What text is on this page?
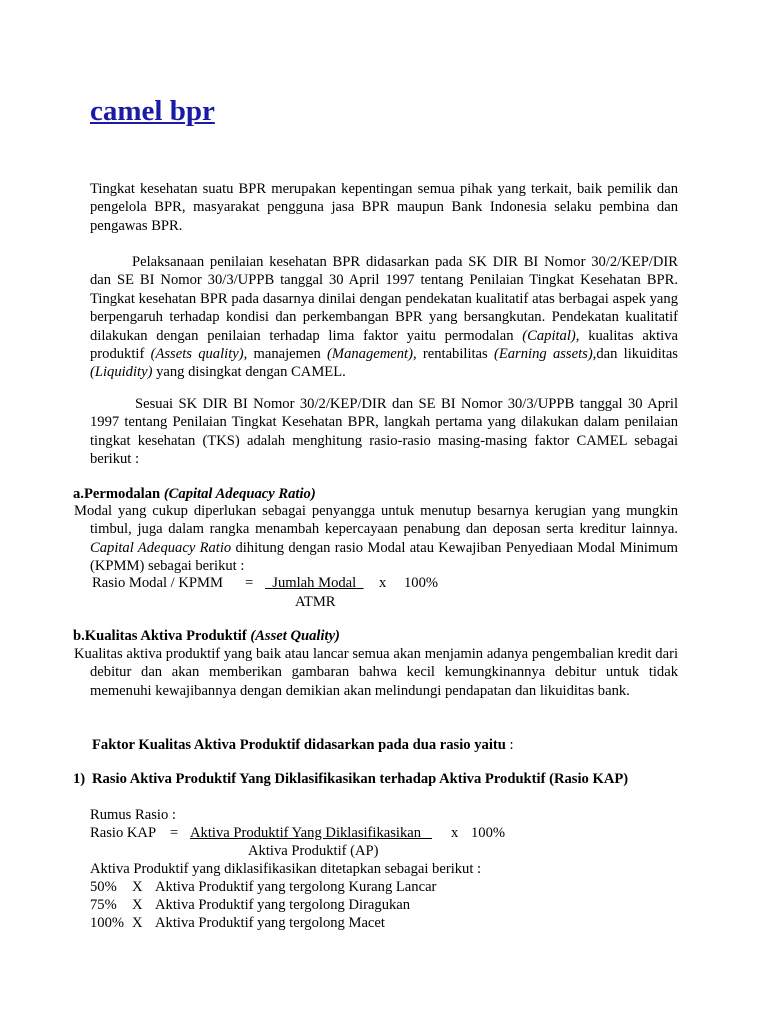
camel bpr

Tingkat kesehatan suatu BPR merupakan kepentingan semua pihak yang terkait, baik pemilik dan pengelola BPR, masyarakat pengguna jasa BPR maupun Bank Indonesia selaku pembina dan pengawas BPR.

Pelaksanaan penilaian kesehatan BPR didasarkan pada SK DIR BI Nomor 30/2/KEP/DIR dan SE BI Nomor 30/3/UPPB tanggal 30 April 1997 tentang Penilaian Tingkat Kesehatan BPR. Tingkat kesehatan BPR pada dasarnya dinilai dengan pendekatan kualitatif atas berbagai aspek yang berpengaruh terhadap kondisi dan perkembangan BPR yang bersangkutan. Pendekatan kualitatif dilakukan dengan penilaian terhadap lima faktor yaitu permodalan (Capital), kualitas aktiva produktif (Assets quality), manajemen (Management), rentabilitas (Earning assets),dan likuiditas (Liquidity) yang disingkat dengan CAMEL.

Sesuai SK DIR BI Nomor 30/2/KEP/DIR dan SE BI Nomor 30/3/UPPB tanggal 30 April 1997 tentang Penilaian Tingkat Kesehatan BPR, langkah pertama yang dilakukan dalam penilaian tingkat kesehatan (TKS) adalah menghitung rasio-rasio masing-masing faktor CAMEL sebagai berikut :

a.Permodalan (Capital Adequacy Ratio)

Modal yang cukup diperlukan sebagai penyangga untuk menutup besarnya kerugian yang mungkin timbul, juga dalam rangka menambah kepercayaan penabung dan deposan serta kreditur lainnya. Capital Adequacy Ratio dihitung dengan rasio Modal atau Kewajiban Penyediaan Modal Minimum (KPMM) sebagai berikut :

Rasio Modal / KPMM =	Jumlah Modal	x 100%
ATMR
b.Kualitas Aktiva Produktif (Asset Quality)

Kualitas aktiva produktif yang baik atau lancar semua akan menjamin adanya pengembalian kredit dari debitur dan akan memberikan gambaran bahwa kecil kemungkinannya debitur untuk tidak memenuhi kewajibannya dengan demikian akan melindungi pendapatan dan likuiditas bank.

Faktor Kualitas Aktiva Produktif didasarkan pada dua rasio yaitu :
1) Rasio Aktiva Produktif Yang Diklasifikasikan terhadap Aktiva Produktif (Rasio KAP)

Rumus Rasio :
Rasio KAP = Aktiva Produktif Yang Diklasifikasikan	x 100%
Aktiva Produktif (AP)
Aktiva Produktif yang diklasifikasikan ditetapkan sebagai berikut :
50% X Aktiva Produktif yang tergolong Kurang Lancar
75% X Aktiva Produktif yang tergolong Diragukan
100% X Aktiva Produktif yang tergolong Macet
